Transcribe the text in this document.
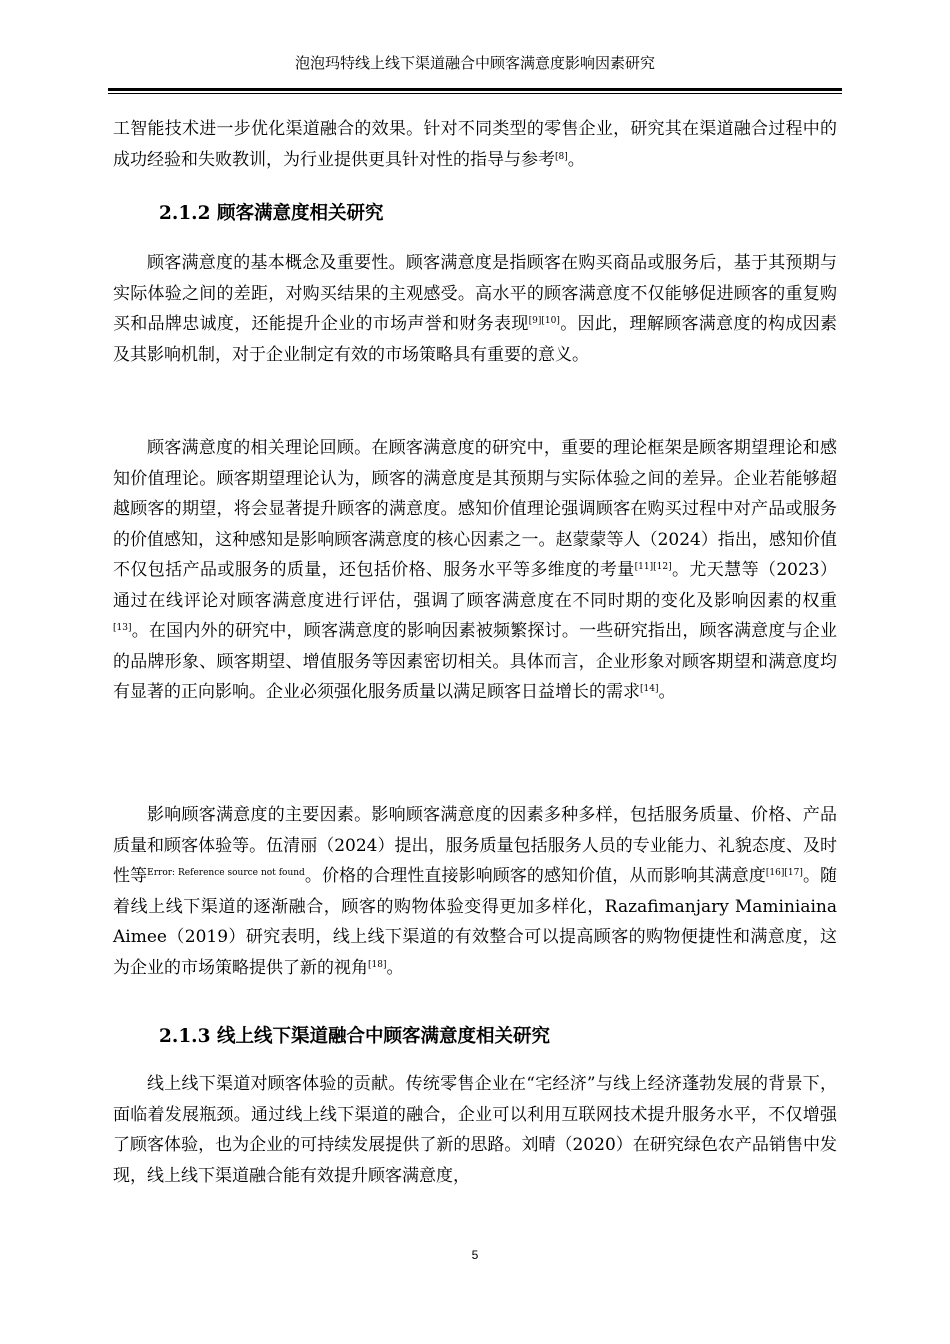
泡泡玛特线上线下渠道融合中顾客满意度影响因素研究

工智能技术进一步优化渠道融合的效果。针对不同类型的零售企业，研究其在渠道融合过程中的成功经验和失败教训，为行业提供更具针对性的指导与参考[8]。

2.1.2 顾客满意度相关研究

顾客满意度的基本概念及重要性。顾客满意度是指顾客在购买商品或服务后，基于其预期与实际体验之间的差距，对购买结果的主观感受。高水平的顾客满意度不仅能够促进顾客的重复购买和品牌忠诚度，还能提升企业的市场声誉和财务表现[9][10]。因此，理解顾客满意度的构成因素及其影响机制，对于企业制定有效的市场策略具有重要的意义。

顾客满意度的相关理论回顾。在顾客满意度的研究中，重要的理论框架是顾客期望理论和感知价值理论。顾客期望理论认为，顾客的满意度是其预期与实际体验之间的差异。企业若能够超越顾客的期望，将会显著提升顾客的满意度。感知价值理论强调顾客在购买过程中对产品或服务的价值感知，这种感知是影响顾客满意度的核心因素之一。赵蒙蒙等人（2024）指出，感知价值不仅包括产品或服务的质量，还包括价格、服务水平等多维度的考量[11][12]。尤天慧等（2023）通过在线评论对顾客满意度进行评估，强调了顾客满意度在不同时期的变化及影响因素的权重[13]。在国内外的研究中，顾客满意度的影响因素被频繁探讨。一些研究指出，顾客满意度与企业的品牌形象、顾客期望、增值服务等因素密切相关。具体而言，企业形象对顾客期望和满意度均有显著的正向影响。企业必须强化服务质量以满足顾客日益增长的需求[14]。

影响顾客满意度的主要因素。影响顾客满意度的因素多种多样，包括服务质量、价格、产品质量和顾客体验等。伍清丽（2024）提出，服务质量包括服务人员的专业能力、礼貌态度、及时性等$^{Error: Reference source not found}$。价格的合理性直接影响顾客的感知价值，从而影响其满意度[16][17]。随着线上线下渠道的逐渐融合，顾客的购物体验变得更加多样化，Razafimanjary Maminiaina Aimee（2019）研究表明，线上线下渠道的有效整合可以提高顾客的购物便捷性和满意度，这为企业的市场策略提供了新的视角[18]。

2.1.3 线上线下渠道融合中顾客满意度相关研究

线上线下渠道对顾客体验的贡献。传统零售企业在“宅经济”与线上经济蓬勃发展的背景下，面临着发展瓶颈。通过线上线下渠道的融合，企业可以利用互联网技术提升服务水平，不仅增强了顾客体验，也为企业的可持续发展提供了新的思路。刘晴（2020）在研究绿色农产品销售中发现，线上线下渠道融合能有效提升顾客满意度，

5
